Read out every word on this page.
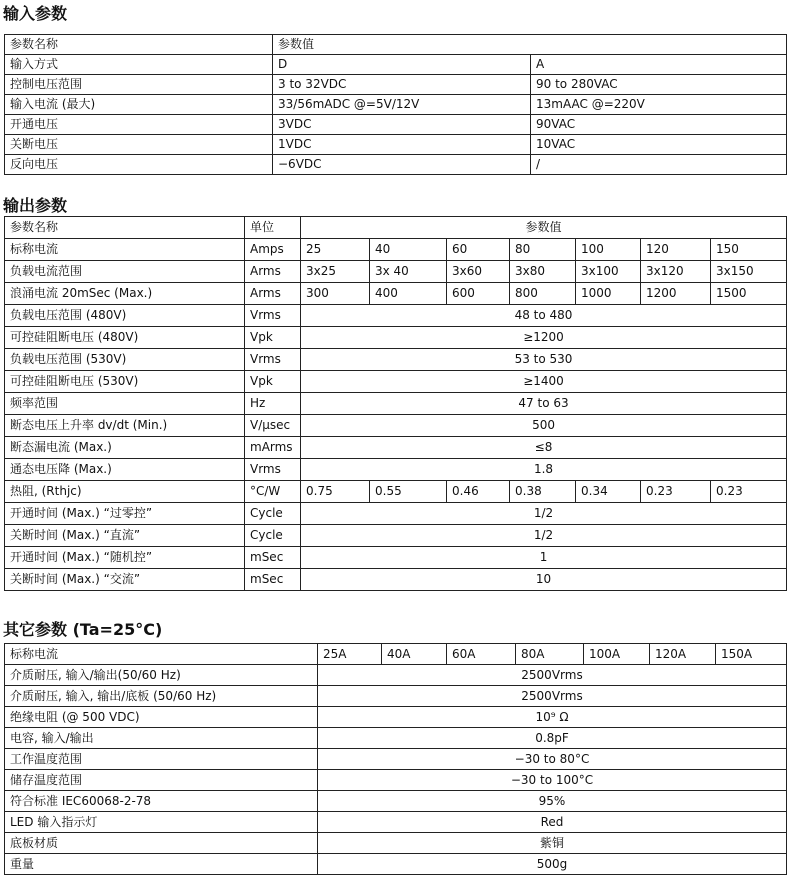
输入参数
参数名称	参数值	
输入方式	D	A
控制电压范围	3 to 32VDC	90 to 280VAC
输入电流 (最大)	33/56mADC @=5V/12V	13mAAC @=220V
开通电压	3VDC	90VAC
关断电压	1VDC	10VAC
反向电压	−6VDC	/
输出参数
参数名称	单位	参数值						
标称电流	Amps	25	40	60	80	100	120	150
负载电流范围	Arms	3x25	3x 40	3x60	3x80	3x100	3x120	3x150
浪涌电流 20mSec (Max.)	Arms	300	400	600	800	1000	1200	1500
负载电压范围 (480V)	Vrms	48 to 480						
可控硅阻断电压 (480V)	Vpk	≥1200						
负载电压范围 (530V)	Vrms	53 to 530						
可控硅阻断电压 (530V)	Vpk	≥1400						
频率范围	Hz	47 to 63						
断态电压上升率 dv/dt (Min.)	V/μsec	500						
断态漏电流 (Max.)	mArms	≤8						
通态电压降 (Max.)	Vrms	1.8						
热阻, (Rthjc)	°C/W	0.75	0.55	0.46	0.38	0.34	0.23	0.23
开通时间 (Max.) “过零控”	Cycle	1/2						
关断时间 (Max.) “直流”	Cycle	1/2						
开通时间 (Max.) “随机控”	mSec	1						
关断时间 (Max.) “交流”	mSec	10						
其它参数 (Ta=25°C)
标称电流	25A	40A	60A	80A	100A	120A	150A
介质耐压, 输入/输出(50/60 Hz)	2500Vrms						
介质耐压, 输入, 输出/底板 (50/60 Hz)	2500Vrms						
绝缘电阻 (@ 500 VDC)	10⁹ Ω						
电容, 输入/输出	0.8pF						
工作温度范围	−30 to 80°C						
储存温度范围	−30 to 100°C						
符合标准 IEC60068-2-78	95%						
LED 输入指示灯	Red						
底板材质	紫铜						
重量	500g						
